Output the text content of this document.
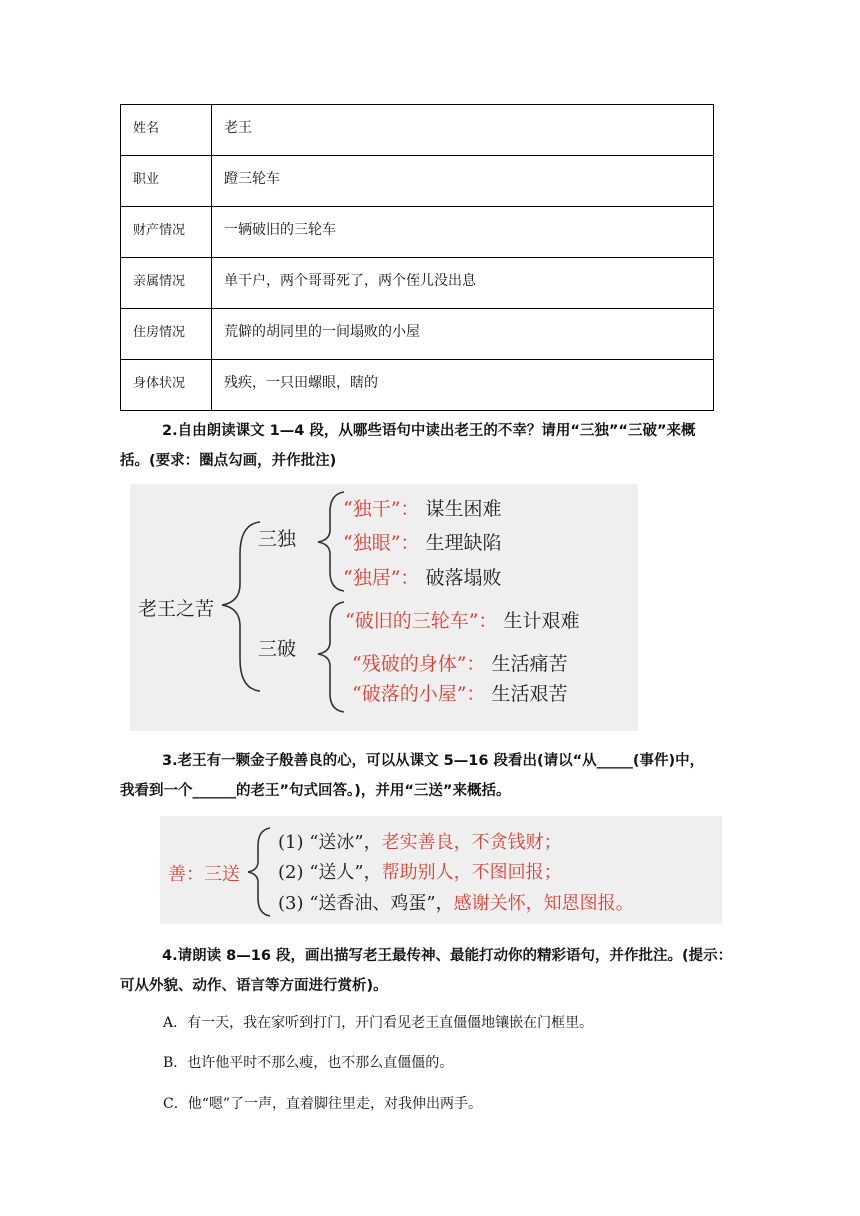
姓名	老王
职业	蹬三轮车
财产情况	一辆破旧的三轮车
亲属情况	单干户，两个哥哥死了，两个侄儿没出息
住房情况	荒僻的胡同里的一间塌败的小屋
身体状况	残疾，一只田螺眼，瞎的
2.自由朗读课文 1—4 段，从哪些语句中读出老王的不幸？请用“三独”“三破”来概
括。(要求：圈点勾画，并作批注)
老王之苦
三独
三破
“独干”： 谋生困难
“独眼”： 生理缺陷
“独居”： 破落塌败
“破旧的三轮车”： 生计艰难
“残破的身体”： 生活痛苦
“破落的小屋”： 生活艰苦
3.老王有一颗金子般善良的心，可以从课文 5—16 段看出(请以“从_____(事件)中，
我看到一个______的老王”句式回答。)，并用“三送”来概括。
善：三送
(1) “送冰”，老实善良，不贪钱财；
(2) “送人”，帮助别人，不图回报；
(3) “送香油、鸡蛋”，感谢关怀，知恩图报。
4.请朗读 8—16 段，画出描写老王最传神、最能打动你的精彩语句，并作批注。(提示：
可从外貌、动作、语言等方面进行赏析)。
A．有一天，我在家听到打门，开门看见老王直僵僵地镶嵌在门框里。
B．也许他平时不那么瘦，也不那么直僵僵的。
C．他“嗯”了一声，直着脚往里走，对我伸出两手。
